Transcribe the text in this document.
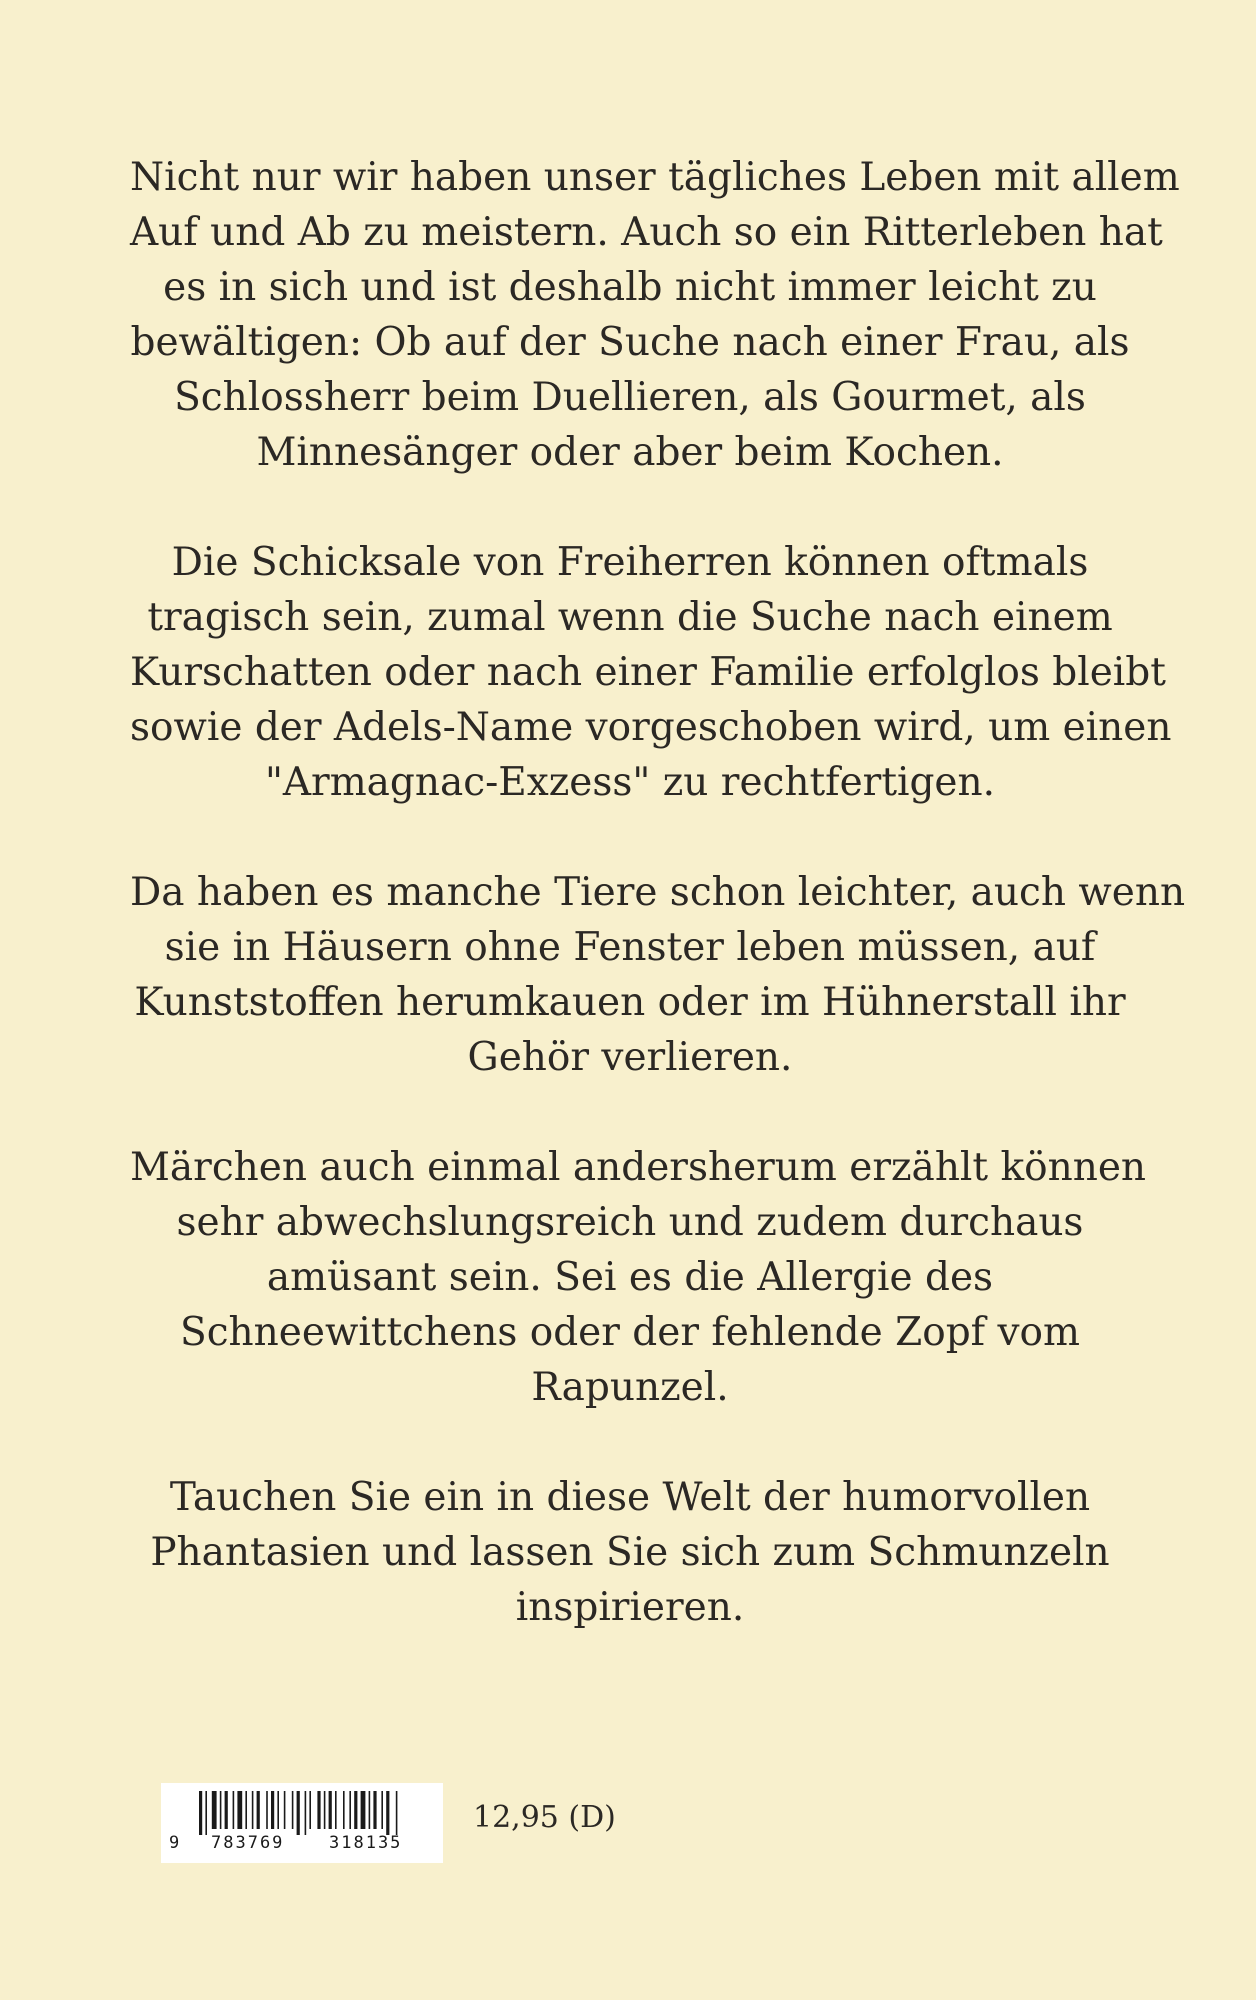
Nicht nur wir haben unser tägliches Leben mit allem
Auf und Ab zu meistern. Auch so ein Ritterleben hat
es in sich und ist deshalb nicht immer leicht zu
bewältigen: Ob auf der Suche nach einer Frau, als
Schlossherr beim Duellieren, als Gourmet, als
Minnesänger oder aber beim Kochen.
Die Schicksale von Freiherren können oftmals
tragisch sein, zumal wenn die Suche nach einem
Kurschatten oder nach einer Familie erfolglos bleibt
sowie der Adels-Name vorgeschoben wird, um einen
"Armagnac-Exzess" zu rechtfertigen.
Da haben es manche Tiere schon leichter, auch wenn
sie in Häusern ohne Fenster leben müssen, auf
Kunststoffen herumkauen oder im Hühnerstall ihr
Gehör verlieren.
Märchen auch einmal andersherum erzählt können
sehr abwechslungsreich und zudem durchaus
amüsant sein. Sei es die Allergie des
Schneewittchens oder der fehlende Zopf vom
Rapunzel.
Tauchen Sie ein in diese Welt der humorvollen
Phantasien und lassen Sie sich zum Schmunzeln
inspirieren.
9 783769	318135
12,95 (D)
